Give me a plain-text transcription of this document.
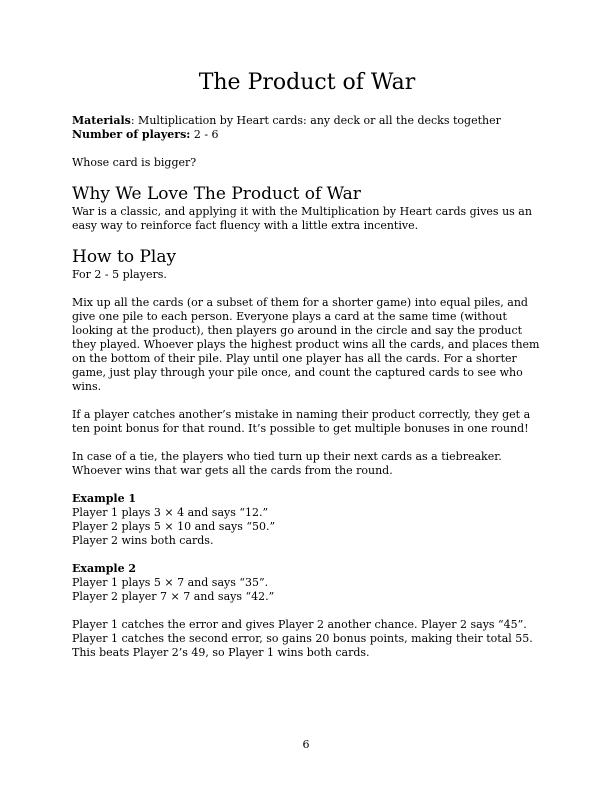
The Product of War

Materials: Multiplication by Heart cards: any deck or all the decks together

Number of players: 2 - 6

Whose card is bigger?

Why We Love The Product of War

War is a classic, and applying it with the Multiplication by Heart cards gives us an easy way to reinforce fact fluency with a little extra incentive.

How to Play

For 2 - 5 players.

Mix up all the cards (or a subset of them for a shorter game) into equal piles, and give one pile to each person. Everyone plays a card at the same time (without looking at the product), then players go around in the circle and say the product they played. Whoever plays the highest product wins all the cards, and places them on the bottom of their pile. Play until one player has all the cards. For a shorter game, just play through your pile once, and count the captured cards to see who wins.

If a player catches another’s mistake in naming their product correctly, they get a ten point bonus for that round. It’s possible to get multiple bonuses in one round!

In case of a tie, the players who tied turn up their next cards as a tiebreaker. Whoever wins that war gets all the cards from the round.

Example 1

Player 1 plays 3 × 4 and says “12.”

Player 2 plays 5 × 10 and says “50.”

Player 2 wins both cards.

Example 2

Player 1 plays 5 × 7 and says “35”.

Player 2 player 7 × 7 and says “42.”

Player 1 catches the error and gives Player 2 another chance. Player 2 says “45”. Player 1 catches the second error, so gains 20 bonus points, making their total 55. This beats Player 2’s 49, so Player 1 wins both cards.

6
